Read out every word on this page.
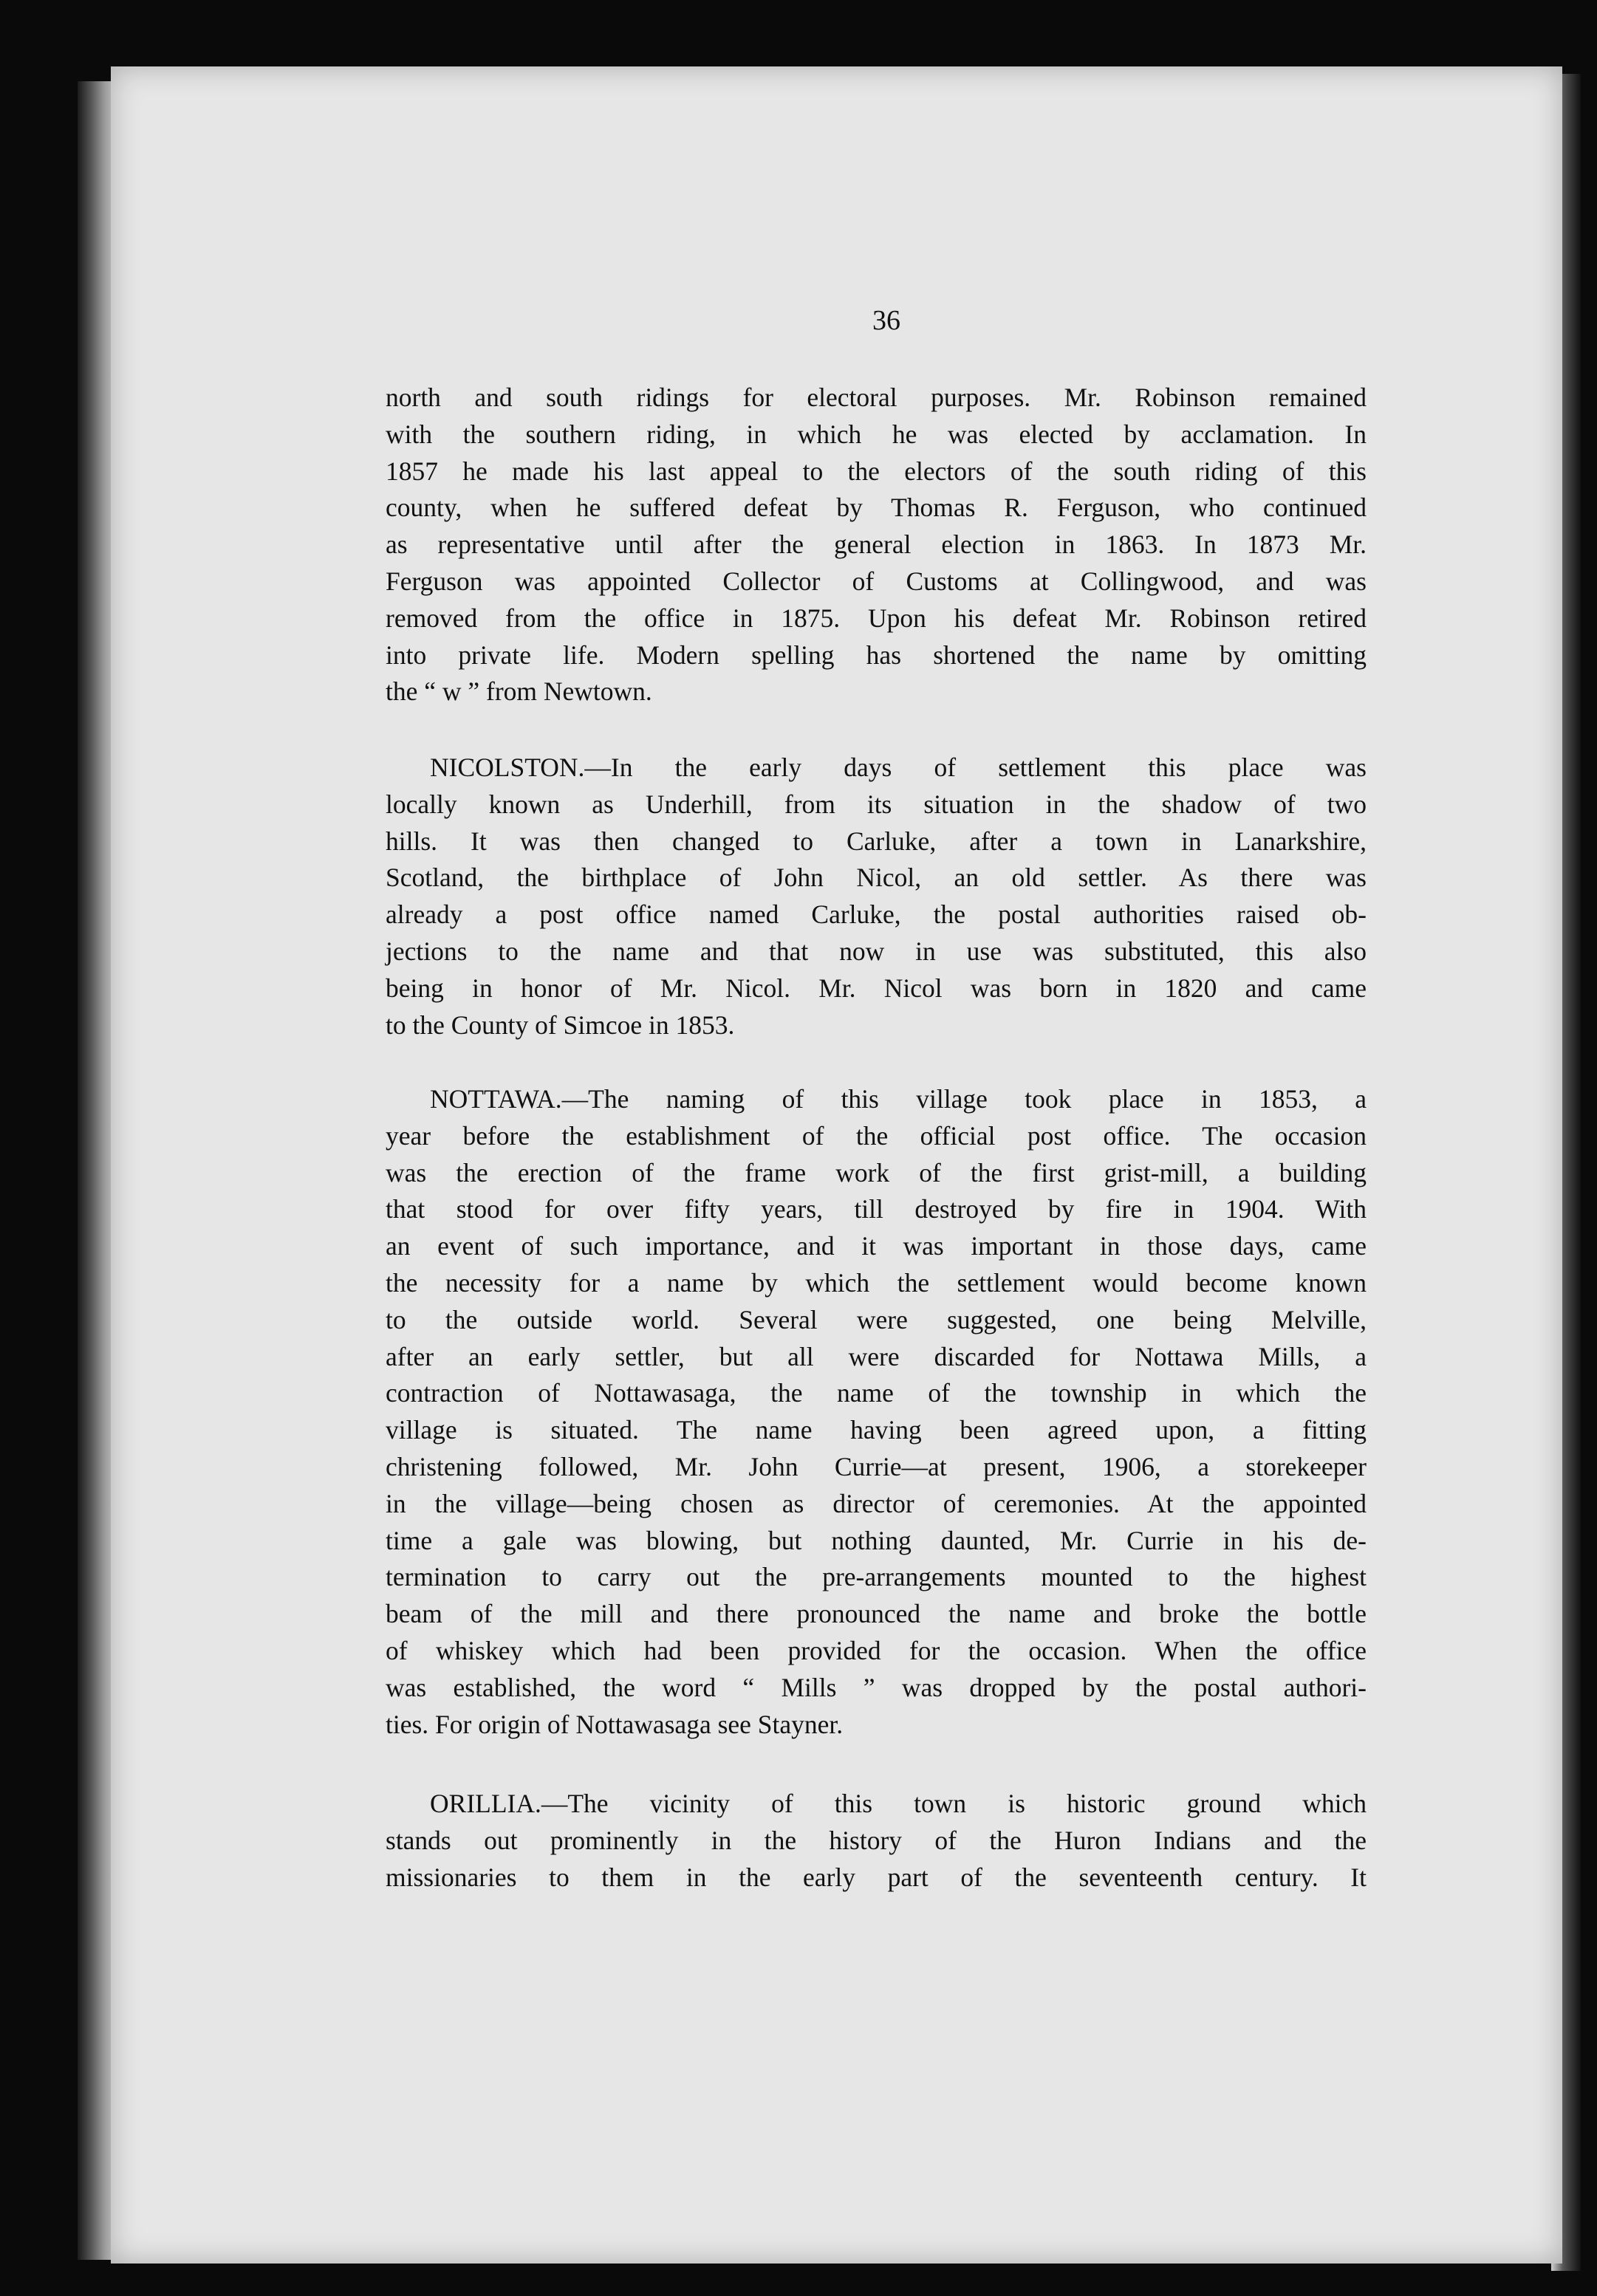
36
north and south ridings for electoral purposes. Mr. Robinson remained
with the southern riding, in which he was elected by acclamation. In
1857 he made his last appeal to the electors of the south riding of this
county, when he suffered defeat by Thomas R. Ferguson, who continued
as representative until after the general election in 1863. In 1873 Mr.
Ferguson was appointed Collector of Customs at Collingwood, and was
removed from the office in 1875. Upon his defeat Mr. Robinson retired
into private life. Modern spelling has shortened the name by omitting
the “ w ” from Newtown.
NICOLSTON.—In the early days of settlement this place was
locally known as Underhill, from its situation in the shadow of two
hills. It was then changed to Carluke, after a town in Lanarkshire,
Scotland, the birthplace of John Nicol, an old settler. As there was
already a post office named Carluke, the postal authorities raised ob-
jections to the name and that now in use was substituted, this also
being in honor of Mr. Nicol. Mr. Nicol was born in 1820 and came
to the County of Simcoe in 1853.
NOTTAWA.—The naming of this village took place in 1853, a
year before the establishment of the official post office. The occasion
was the erection of the frame work of the first grist-mill, a building
that stood for over fifty years, till destroyed by fire in 1904. With
an event of such importance, and it was important in those days, came
the necessity for a name by which the settlement would become known
to the outside world. Several were suggested, one being Melville,
after an early settler, but all were discarded for Nottawa Mills, a
contraction of Nottawasaga, the name of the township in which the
village is situated. The name having been agreed upon, a fitting
christening followed, Mr. John Currie—at present, 1906, a storekeeper
in the village—being chosen as director of ceremonies. At the appointed
time a gale was blowing, but nothing daunted, Mr. Currie in his de-
termination to carry out the pre-arrangements mounted to the highest
beam of the mill and there pronounced the name and broke the bottle
of whiskey which had been provided for the occasion. When the office
was established, the word “ Mills ” was dropped by the postal authori-
ties. For origin of Nottawasaga see Stayner.
ORILLIA.—The vicinity of this town is historic ground which
stands out prominently in the history of the Huron Indians and the
missionaries to them in the early part of the seventeenth century. It
